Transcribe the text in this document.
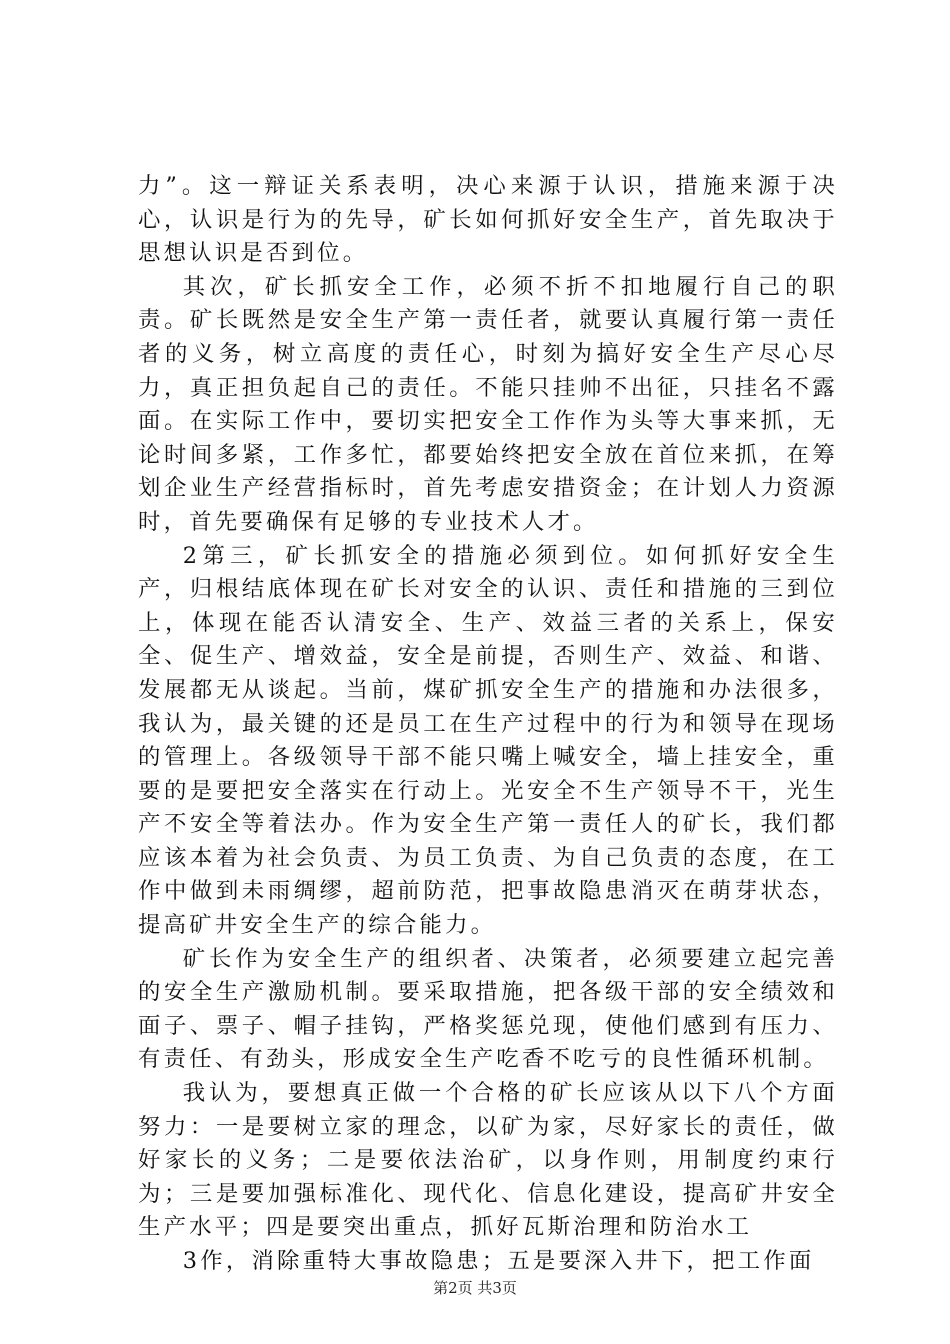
力”。这一辩证关系表明，决心来源于认识，措施来源于决心，认识是行为的先导，矿长如何抓好安全生产，首先取决于思想认识是否到位。

其次，矿长抓安全工作，必须不折不扣地履行自己的职责。矿长既然是安全生产第一责任者，就要认真履行第一责任者的义务，树立高度的责任心，时刻为搞好安全生产尽心尽力，真正担负起自己的责任。不能只挂帅不出征，只挂名不露面。在实际工作中，要切实把安全工作作为头等大事来抓，无论时间多紧，工作多忙，都要始终把安全放在首位来抓，在筹划企业生产经营指标时，首先考虑安措资金；在计划人力资源时，首先要确保有足够的专业技术人才。

2第三，矿长抓安全的措施必须到位。如何抓好安全生产，归根结底体现在矿长对安全的认识、责任和措施的三到位上，体现在能否认清安全、生产、效益三者的关系上，保安全、促生产、增效益，安全是前提，否则生产、效益、和谐、发展都无从谈起。当前，煤矿抓安全生产的措施和办法很多，我认为，最关键的还是员工在生产过程中的行为和领导在现场的管理上。各级领导干部不能只嘴上喊安全，墙上挂安全，重要的是要把安全落实在行动上。光安全不生产领导不干，光生产不安全等着法办。作为安全生产第一责任人的矿长，我们都应该本着为社会负责、为员工负责、为自己负责的态度，在工作中做到未雨绸缪，超前防范，把事故隐患消灭在萌芽状态，提高矿井安全生产的综合能力。

矿长作为安全生产的组织者、决策者，必须要建立起完善的安全生产激励机制。要采取措施，把各级干部的安全绩效和面子、票子、帽子挂钩，严格奖惩兑现，使他们感到有压力、有责任、有劲头，形成安全生产吃香不吃亏的良性循环机制。

我认为，要想真正做一个合格的矿长应该从以下八个方面努力：一是要树立家的理念，以矿为家，尽好家长的责任，做好家长的义务；二是要依法治矿，以身作则，用制度约束行为；三是要加强标准化、现代化、信息化建设，提高矿井安全生产水平；四是要突出重点，抓好瓦斯治理和防治水工

3作，消除重特大事故隐患；五是要深入井下，把工作面

第2页 共3页
